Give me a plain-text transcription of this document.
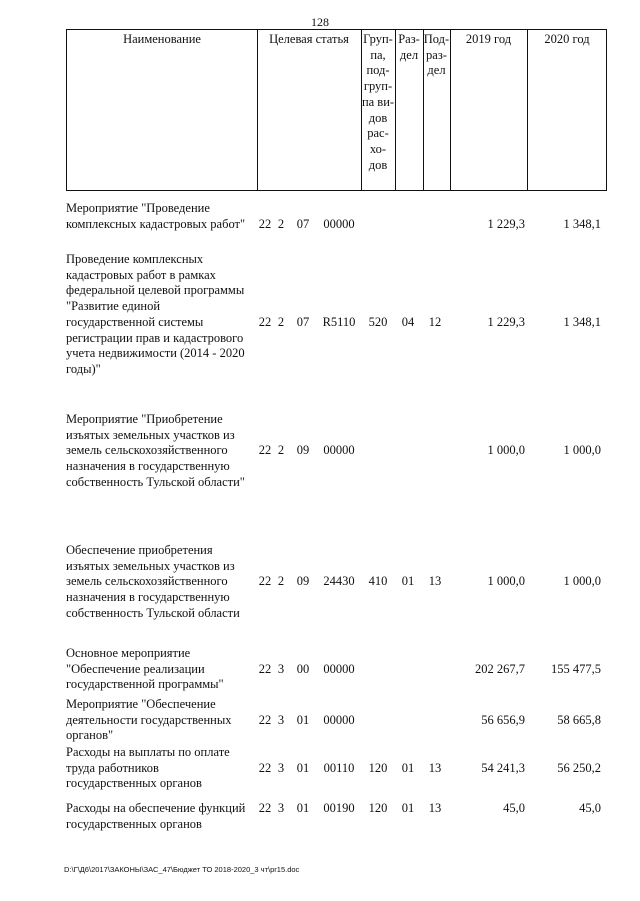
128
Наименование	Целевая статья	Груп-
па,
под-
груп-
па ви-
дов
рас-
хо-
дов
Раз-
дел
Под-
раз-
дел
2019 год	2020 год
Мероприятие "Проведение
комплексных кадастровых работ"	22 2	07	00000	1 229,3	1 348,1
Проведение комплексных
кадастровых работ в рамках
федеральной целевой программы
"Развитие единой
государственной системы
регистрации прав и кадастрового
учета недвижимости (2014 - 2020
годы)"
22 2	07	R5110	520	04	12	1 229,3	1 348,1
Мероприятие "Приобретение
изъятых земельных участков из
земель сельскохозяйственного
назначения в государственную
собственность Тульской области"
22 2	09	00000	1 000,0	1 000,0
Обеспечение приобретения
изъятых земельных участков из
земель сельскохозяйственного
назначения в государственную
собственность Тульской области
22 2	09	24430	410	01	13	1 000,0	1 000,0
Основное мероприятие
"Обеспечение реализации
государственной программы"
22 3	00	00000	202 267,7	155 477,5
Мероприятие "Обеспечение
деятельности государственных
органов"
22 3	01	00000	56 656,9	58 665,8
Расходы на выплаты по оплате
труда работников
государственных органов
22 3	01	00110	120	01	13	54 241,3	56 250,2
Расходы на обеспечение функций
государственных органов
22 3	01	00190	120	01	13	45,0	45,0
D:\Г\Д6\2017\ЗАКОНЫ\ЗАС_47\Бюджет ТО 2018-2020_3 чт\pr15.doc
